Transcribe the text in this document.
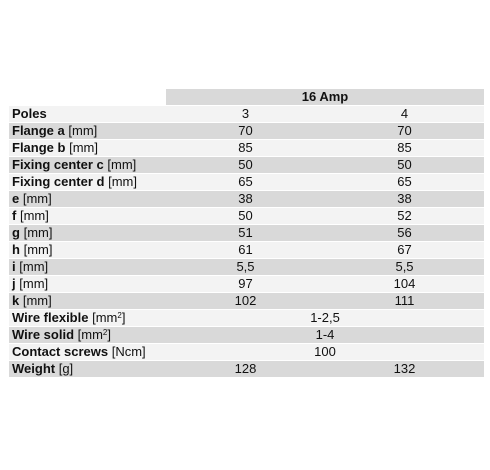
	16 Amp	
Poles	3	4
Flange a [mm]	70	70
Flange b [mm]	85	85
Fixing center c [mm]	50	50
Fixing center d [mm]	65	65
e [mm]	38	38
f [mm]	50	52
g [mm]	51	56
h [mm]	61	67
i [mm]	5,5	5,5
j [mm]	97	104
k [mm]	102	111
Wire flexible $[mm^2]$	1-2,5	
Wire solid $[mm^2]$	1-4	
Contact screws [Ncm]	100	
Weight [g]	128	132
